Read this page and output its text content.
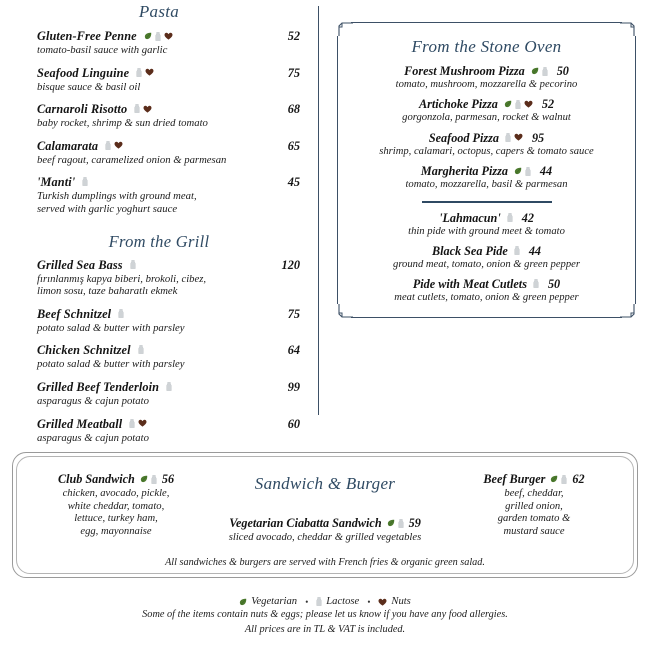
Pasta
Gluten-Free Penne
tomato-basil sauce with garlic
52
Seafood Linguine
bisque sauce & basil oil
75
Carnaroli Risotto
baby rocket, shrimp & sun dried tomato
68
Calamarata
beef ragout, caramelized onion & parmesan
65
'Manti'
Turkish dumplings with ground meat,
served with garlic yoghurt sauce
45
From the Grill
Grilled Sea Bass
fırınlanmış kapya biberi, brokoli, cibez,
limon sosu, taze baharatlı ekmek
120
Beef Schnitzel
potato salad & butter with parsley
75
Chicken Schnitzel
potato salad & butter with parsley
64
Grilled Beef Tenderloin
asparagus & cajun potato
99
Grilled Meatball
asparagus & cajun potato
60
From the Stone Oven
Forest Mushroom Pizza	50
tomato, mushroom, mozzarella & pecorino
Artichoke Pizza	52
gorgonzola, parmesan, rocket & walnut
Seafood Pizza	95
shrimp, calamari, octopus, capers & tomato sauce
Margherita Pizza	44
tomato, mozzarella, basil & parmesan
'Lahmacun' 42
thin pide with ground meet & tomato
Black Sea Pide 44
ground meat, tomato, onion & green pepper
Pide with Meat Cutlets 50
meat cutlets, tomato, onion & green pepper
Club Sandwich 56
chicken, avocado, pickle,
white cheddar, tomato,
lettuce, turkey ham,
egg, mayonnaise
Sandwich & Burger
Vegetarian Ciabatta Sandwich 59
sliced avocado, cheddar & grilled vegetables
Beef Burger 62
beef, cheddar,
grilled onion,
garden tomato &
mustard sauce
All sandwiches & burgers are served with French fries & organic green salad.
Vegetarian • Lactose • Nuts
Some of the items contain nuts & eggs; please let us know if you have any food allergies.
All prices are in TL & VAT is included.
